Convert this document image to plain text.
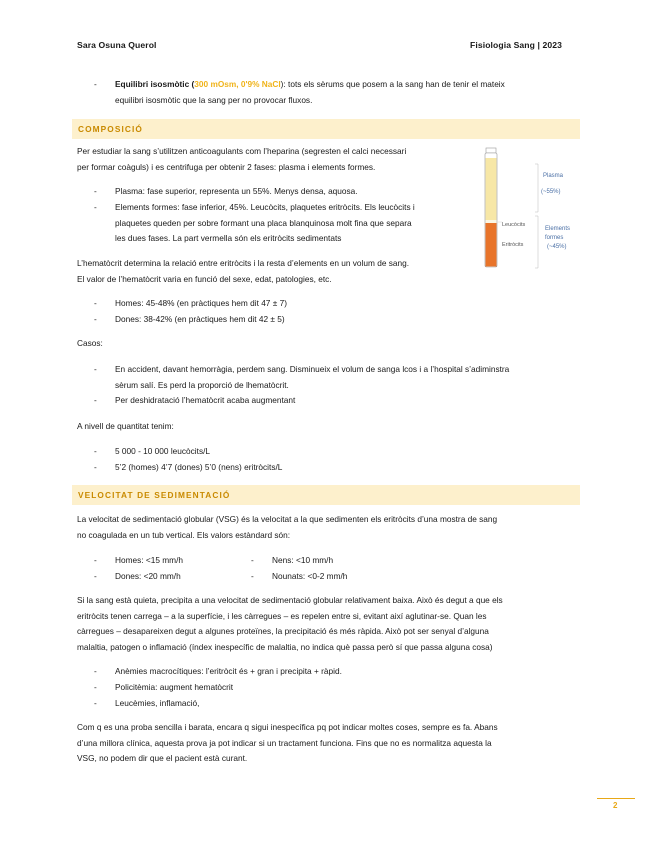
Sara Osuna Querol	Fisiologia Sang | 2023
- Equilibri isosmòtic (300 mOsm, 0'9% NaCl): tots els sèrums que posem a la sang han de tenir el mateix
equilibri isosmòtic que la sang per no provocar fluxos.
COMPOSICIÓ
Per estudiar la sang s’utilitzen anticoagulants com l’heparina (segresten el calci necessari
per formar coàguls) i es centrifuga per obtenir 2 fases: plasma i elements formes.
- Plasma: fase superior, representa un 55%. Menys densa, aquosa.
- Elements formes: fase inferior, 45%. Leucòcits, plaquetes eritròcits. Els leucòcits i
plaquetes queden per sobre formant una placa blanquinosa molt fina que separa
les dues fases. La part vermella són els eritròcits sedimentats
Plasma
(~55%)
Leucòcits
Elements
formes
Eritròcits	(~45%)
L’hematòcrit determina la relació entre eritròcits i la resta d’elements en un volum de sang.
El valor de l’hematòcrit varia en funció del sexe, edat, patologies, etc.
- Homes: 45-48% (en pràctiques hem dit 47 ± 7)
- Dones: 38-42% (en pràctiques hem dit 42 ± 5)
Casos:
- En accident, davant hemorràgia, perdem sang. Disminueix el volum de sanga lcos i a l’hospital s’adiminstra
sèrum salí. Es perd la proporció de lhematòcrit.
- Per deshidratació l’hematòcrit acaba augmentant
A nivell de quantitat tenim:
- 5 000 - 10 000 leucòcits/L
- 5’2 (homes) 4’7 (dones) 5’0 (nens) eritròcits/L
VELOCITAT DE SEDIMENTACIÓ
La velocitat de sedimentació globular (VSG) és la velocitat a la que sedimenten els eritròcits d’una mostra de sang
no coagulada en un tub vertical. Els valors estàndard són:
- Homes: <15 mm/h
- Dones: <20 mm/h
- Nens: <10 mm/h
- Nounats: <0-2 mm/h
Si la sang està quieta, precipita a una velocitat de sedimentació globular relativament baixa. Això és degut a que els
eritròcits tenen carrega – a la superfície, i les càrregues – es repelen entre si, evitant així aglutinar-se. Quan les
càrregues – desapareixen degut a algunes proteïnes, la precipitació és més ràpida. Això pot ser senyal d’alguna
malaltia, patogen o inflamació (índex inespecífic de malaltia, no indica què passa però sí que passa alguna cosa)
- Anèmies macrocítiques: l’eritròcit és + gran i precipita + ràpid.
- Policitèmia: augment hematòcrit
- Leucèmies, inflamació,
Com q es una proba sencilla i barata, encara q sigui inespecífica pq pot indicar moltes coses, sempre es fa. Abans
d’una millora clínica, aquesta prova ja pot indicar si un tractament funciona. Fins que no es normalitza aquesta la
VSG, no podem dir que el pacient està curant.
2
